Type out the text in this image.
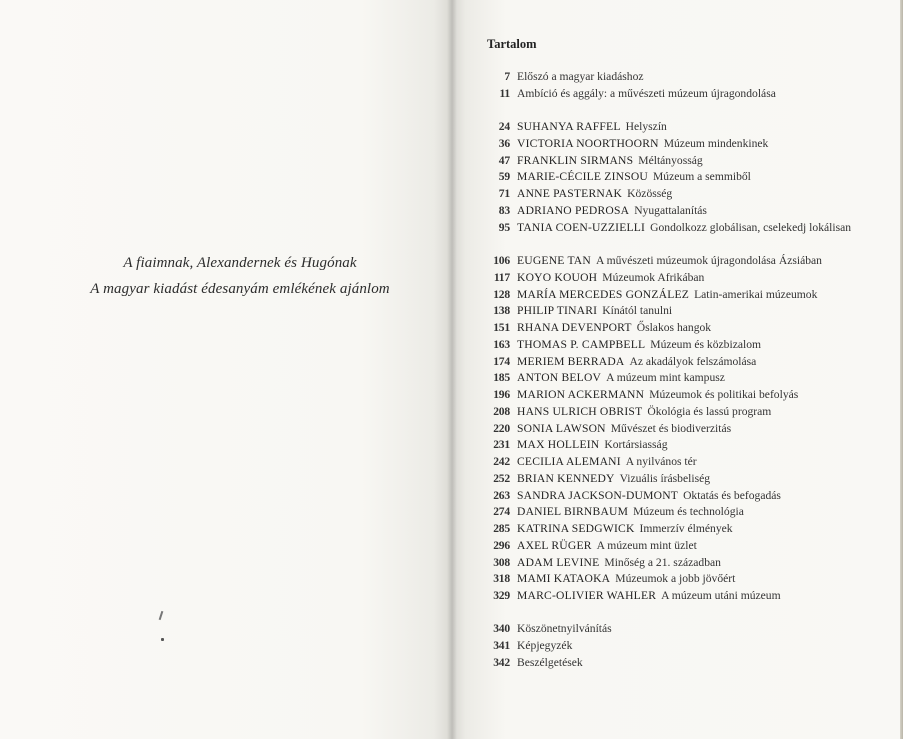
A fiaimnak, Alexandernek és Hugónak
A magyar kiadást édesanyám emlékének ajánlom
Tartalom
7 Előszó a magyar kiadáshoz
11 Ambíció és aggály: a művészeti múzeum újragondolása
24 SUHANYA RAFFEL Helyszín
36 VICTORIA NOORTHOORN Múzeum mindenkinek
47 FRANKLIN SIRMANS Méltányosság
59 MARIE-CÉCILE ZINSOU Múzeum a semmiből
71 ANNE PASTERNAK Közösség
83 ADRIANO PEDROSA Nyugattalanítás
95 TANIA COEN-UZZIELLI Gondolkozz globálisan, cselekedj lokálisan
106 EUGENE TAN A művészeti múzeumok újragondolása Ázsiában
117 KOYO KOUOH Múzeumok Afrikában
128 MARÍA MERCEDES GONZÁLEZ Latin-amerikai múzeumok
138 PHILIP TINARI Kínától tanulni
151 RHANA DEVENPORT Őslakos hangok
163 THOMAS P. CAMPBELL Múzeum és közbizalom
174 MERIEM BERRADA Az akadályok felszámolása
185 ANTON BELOV A múzeum mint kampusz
196 MARION ACKERMANN Múzeumok és politikai befolyás
208 HANS ULRICH OBRIST Ökológia és lassú program
220 SONIA LAWSON Művészet és biodiverzitás
231 MAX HOLLEIN Kortársiasság
242 CECILIA ALEMANI A nyilvános tér
252 BRIAN KENNEDY Vizuális írásbeliség
263 SANDRA JACKSON-DUMONT Oktatás és befogadás
274 DANIEL BIRNBAUM Múzeum és technológia
285 KATRINA SEDGWICK Immerzív élmények
296 AXEL RÜGER A múzeum mint üzlet
308 ADAM LEVINE Minőség a 21. században
318 MAMI KATAOKA Múzeumok a jobb jövőért
329 MARC-OLIVIER WAHLER A múzeum utáni múzeum
340 Köszönetnyilvánítás
341 Képjegyzék
342 Beszélgetések
